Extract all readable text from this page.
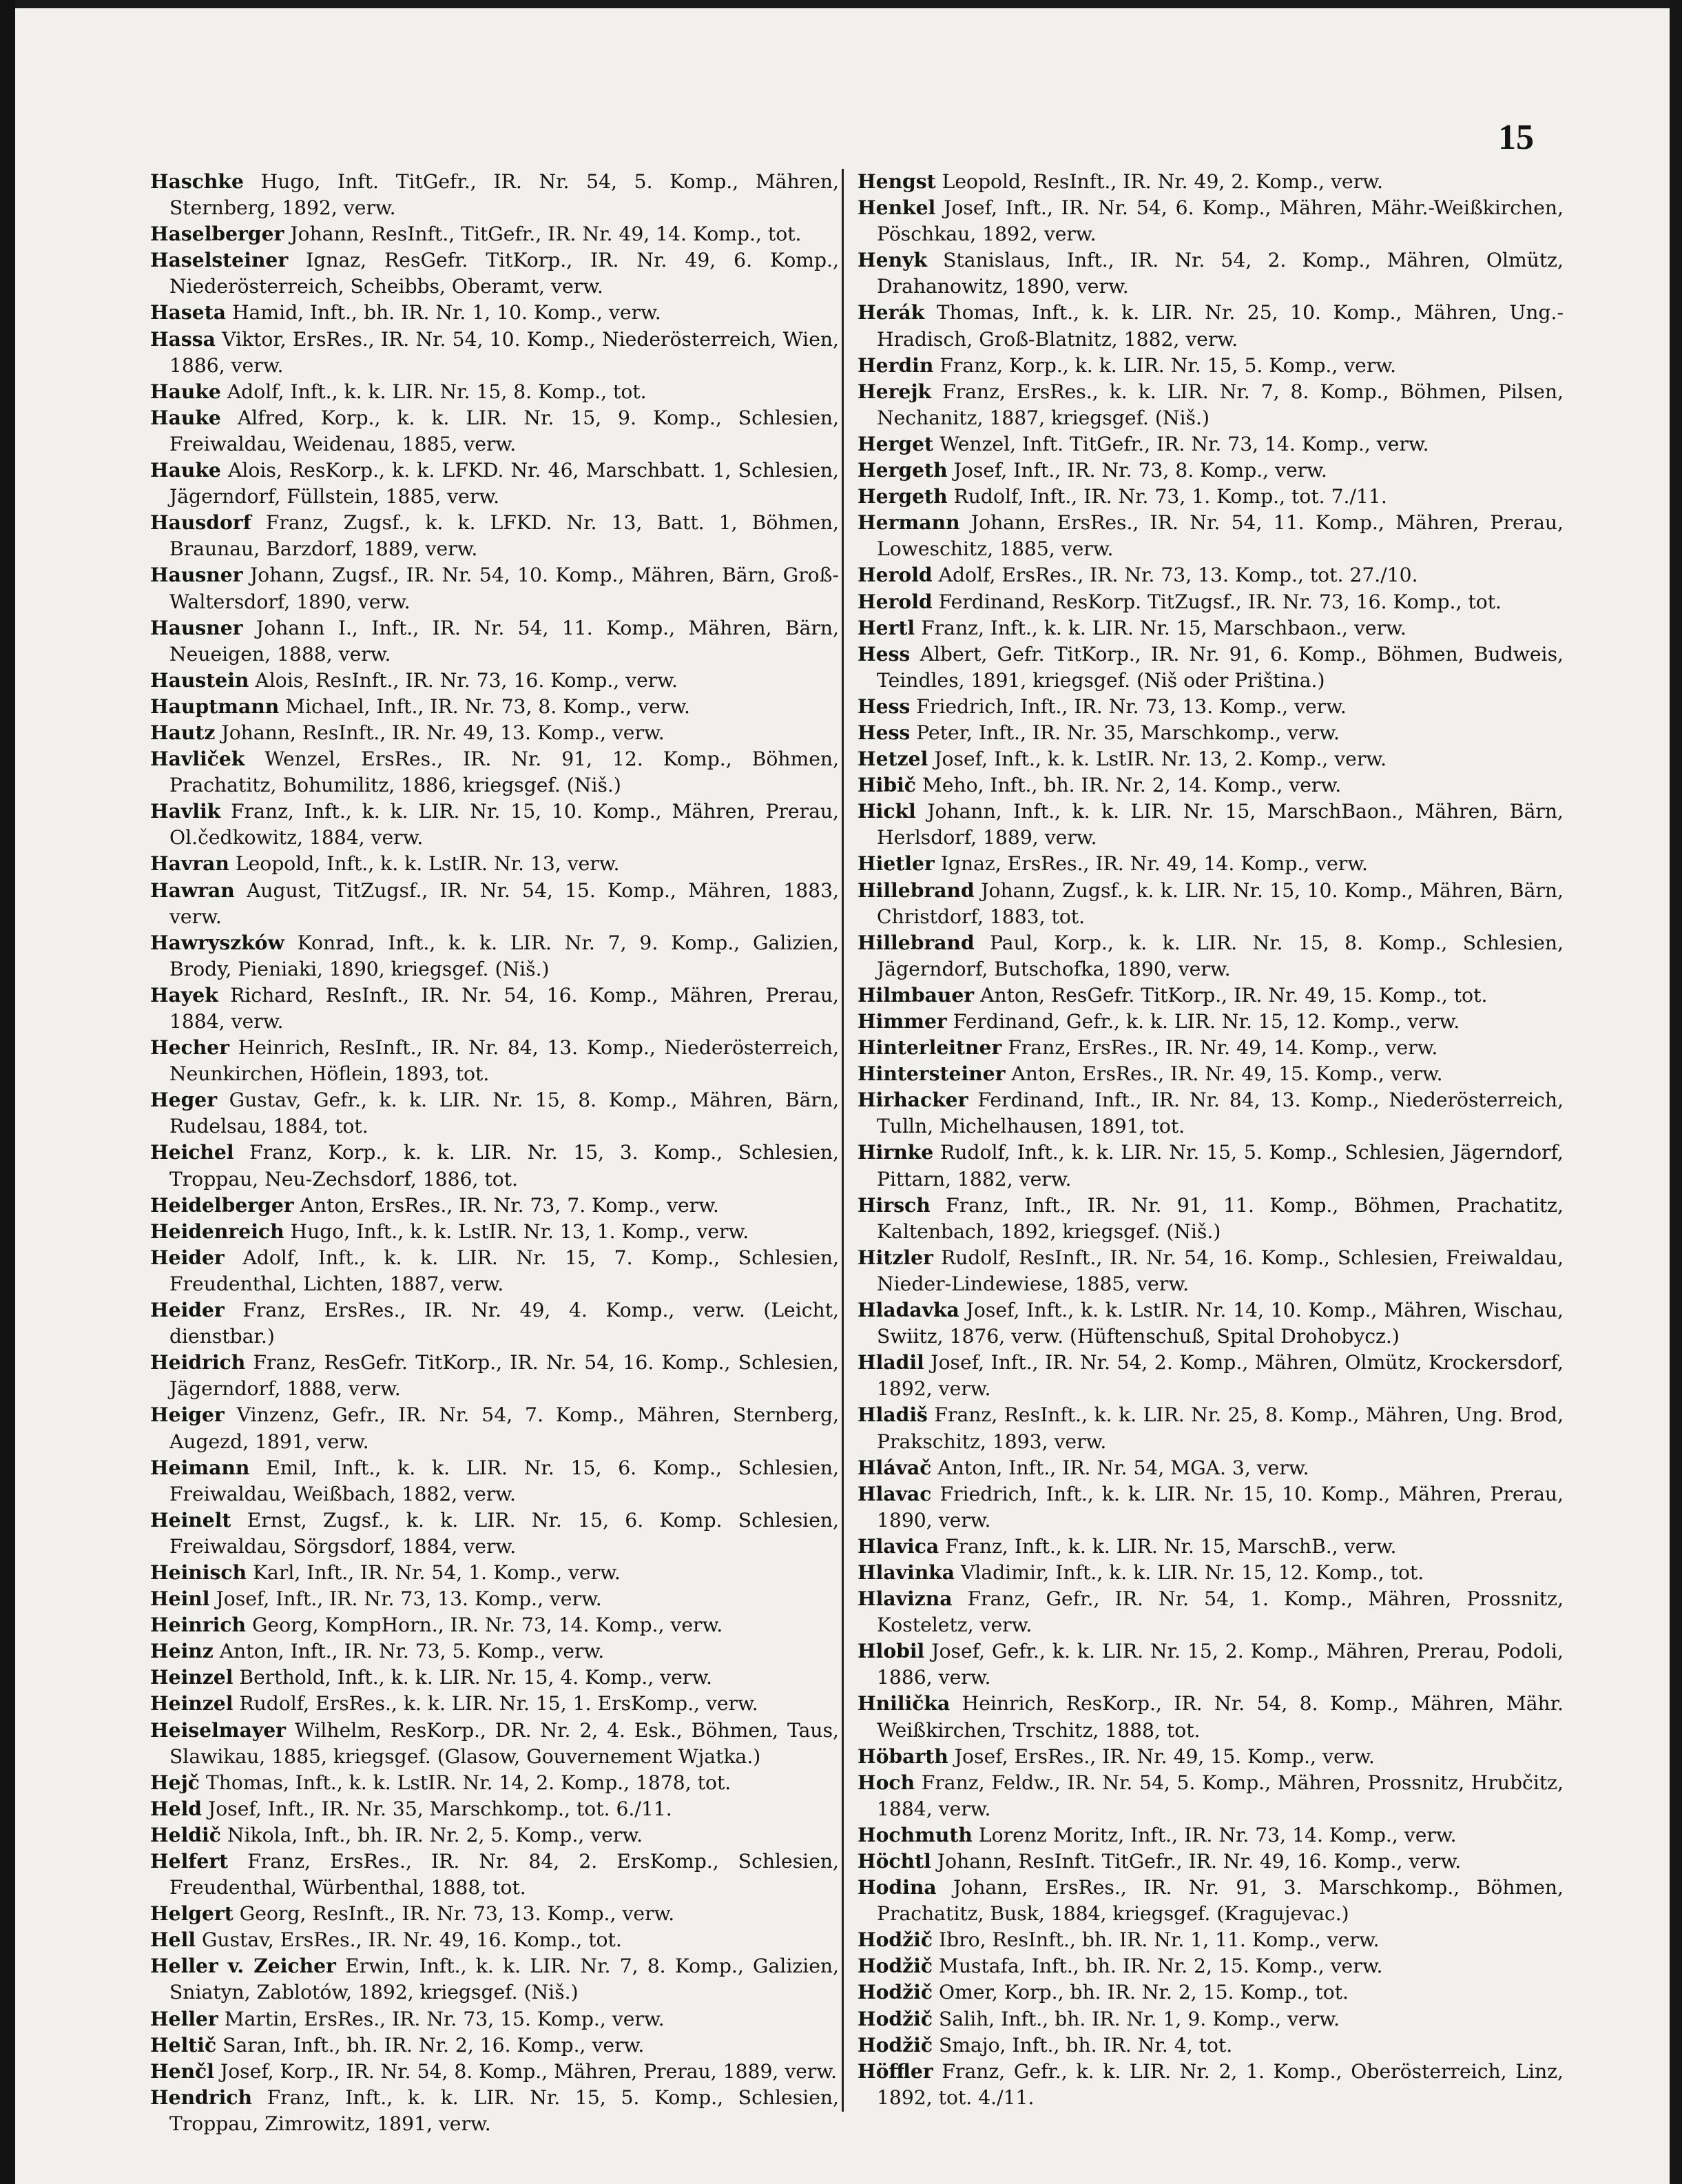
15

Haschke Hugo, Inft. TitGefr., IR. Nr. 54, 5. Komp., Mähren, Sternberg, 1892, verw.

Haselberger Johann, ResInft., TitGefr., IR. Nr. 49, 14. Komp., tot.

Haselsteiner Ignaz, ResGefr. TitKorp., IR. Nr. 49, 6. Komp., Niederösterreich, Scheibbs, Oberamt, verw.

Haseta Hamid, Inft., bh. IR. Nr. 1, 10. Komp., verw.

Hassa Viktor, ErsRes., IR. Nr. 54, 10. Komp., Niederösterreich, Wien, 1886, verw.

Hauke Adolf, Inft., k. k. LIR. Nr. 15, 8. Komp., tot.

Hauke Alfred, Korp., k. k. LIR. Nr. 15, 9. Komp., Schlesien, Freiwaldau, Weidenau, 1885, verw.

Hauke Alois, ResKorp., k. k. LFKD. Nr. 46, Marschbatt. 1, Schlesien, Jägerndorf, Füllstein, 1885, verw.

Hausdorf Franz, Zugsf., k. k. LFKD. Nr. 13, Batt. 1, Böhmen, Braunau, Barzdorf, 1889, verw.

Hausner Johann, Zugsf., IR. Nr. 54, 10. Komp., Mähren, Bärn, Groß-Waltersdorf, 1890, verw.

Hausner Johann I., Inft., IR. Nr. 54, 11. Komp., Mähren, Bärn, Neueigen, 1888, verw.

Haustein Alois, ResInft., IR. Nr. 73, 16. Komp., verw.

Hauptmann Michael, Inft., IR. Nr. 73, 8. Komp., verw.

Hautz Johann, ResInft., IR. Nr. 49, 13. Komp., verw.

Havliček Wenzel, ErsRes., IR. Nr. 91, 12. Komp., Böhmen, Prachatitz, Bohumilitz, 1886, kriegsgef. (Niš.)

Havlik Franz, Inft., k. k. LIR. Nr. 15, 10. Komp., Mähren, Prerau, Ol.čedkowitz, 1884, verw.

Havran Leopold, Inft., k. k. LstIR. Nr. 13, verw.

Hawran August, TitZugsf., IR. Nr. 54, 15. Komp., Mähren, 1883, verw.

Hawryszków Konrad, Inft., k. k. LIR. Nr. 7, 9. Komp., Galizien, Brody, Pieniaki, 1890, kriegsgef. (Niš.)

Hayek Richard, ResInft., IR. Nr. 54, 16. Komp., Mähren, Prerau, 1884, verw.

Hecher Heinrich, ResInft., IR. Nr. 84, 13. Komp., Niederösterreich, Neunkirchen, Höflein, 1893, tot.

Heger Gustav, Gefr., k. k. LIR. Nr. 15, 8. Komp., Mähren, Bärn, Rudelsau, 1884, tot.

Heichel Franz, Korp., k. k. LIR. Nr. 15, 3. Komp., Schlesien, Troppau, Neu-Zechsdorf, 1886, tot.

Heidelberger Anton, ErsRes., IR. Nr. 73, 7. Komp., verw.

Heidenreich Hugo, Inft., k. k. LstIR. Nr. 13, 1. Komp., verw.

Heider Adolf, Inft., k. k. LIR. Nr. 15, 7. Komp., Schlesien, Freudenthal, Lichten, 1887, verw.

Heider Franz, ErsRes., IR. Nr. 49, 4. Komp., verw. (Leicht, dienstbar.)

Heidrich Franz, ResGefr. TitKorp., IR. Nr. 54, 16. Komp., Schlesien, Jägerndorf, 1888, verw.

Heiger Vinzenz, Gefr., IR. Nr. 54, 7. Komp., Mähren, Sternberg, Augezd, 1891, verw.

Heimann Emil, Inft., k. k. LIR. Nr. 15, 6. Komp., Schlesien, Freiwaldau, Weißbach, 1882, verw.

Heinelt Ernst, Zugsf., k. k. LIR. Nr. 15, 6. Komp. Schlesien, Freiwaldau, Sörgsdorf, 1884, verw.

Heinisch Karl, Inft., IR. Nr. 54, 1. Komp., verw.

Heinl Josef, Inft., IR. Nr. 73, 13. Komp., verw.

Heinrich Georg, KompHorn., IR. Nr. 73, 14. Komp., verw.

Heinz Anton, Inft., IR. Nr. 73, 5. Komp., verw.

Heinzel Berthold, Inft., k. k. LIR. Nr. 15, 4. Komp., verw.

Heinzel Rudolf, ErsRes., k. k. LIR. Nr. 15, 1. ErsKomp., verw.

Heiselmayer Wilhelm, ResKorp., DR. Nr. 2, 4. Esk., Böhmen, Taus, Slawikau, 1885, kriegsgef. (Glasow, Gouvernement Wjatka.)

Hejč Thomas, Inft., k. k. LstIR. Nr. 14, 2. Komp., 1878, tot.

Held Josef, Inft., IR. Nr. 35, Marschkomp., tot. 6./11.

Heldič Nikola, Inft., bh. IR. Nr. 2, 5. Komp., verw.

Helfert Franz, ErsRes., IR. Nr. 84, 2. ErsKomp., Schlesien, Freudenthal, Würbenthal, 1888, tot.

Helgert Georg, ResInft., IR. Nr. 73, 13. Komp., verw.

Hell Gustav, ErsRes., IR. Nr. 49, 16. Komp., tot.

Heller v. Zeicher Erwin, Inft., k. k. LIR. Nr. 7, 8. Komp., Galizien, Sniatyn, Zablotów, 1892, kriegsgef. (Niš.)

Heller Martin, ErsRes., IR. Nr. 73, 15. Komp., verw.

Heltič Saran, Inft., bh. IR. Nr. 2, 16. Komp., verw.

Henčl Josef, Korp., IR. Nr. 54, 8. Komp., Mähren, Prerau, 1889, verw.

Hendrich Franz, Inft., k. k. LIR. Nr. 15, 5. Komp., Schlesien, Troppau, Zimrowitz, 1891, verw.

Hengst Leopold, ResInft., IR. Nr. 49, 2. Komp., verw.

Henkel Josef, Inft., IR. Nr. 54, 6. Komp., Mähren, Mähr.-Weißkirchen, Pöschkau, 1892, verw.

Henyk Stanislaus, Inft., IR. Nr. 54, 2. Komp., Mähren, Olmütz, Drahanowitz, 1890, verw.

Herák Thomas, Inft., k. k. LIR. Nr. 25, 10. Komp., Mähren, Ung.-Hradisch, Groß-Blatnitz, 1882, verw.

Herdin Franz, Korp., k. k. LIR. Nr. 15, 5. Komp., verw.

Herejk Franz, ErsRes., k. k. LIR. Nr. 7, 8. Komp., Böhmen, Pilsen, Nechanitz, 1887, kriegsgef. (Niš.)

Herget Wenzel, Inft. TitGefr., IR. Nr. 73, 14. Komp., verw.

Hergeth Josef, Inft., IR. Nr. 73, 8. Komp., verw.

Hergeth Rudolf, Inft., IR. Nr. 73, 1. Komp., tot. 7./11.

Hermann Johann, ErsRes., IR. Nr. 54, 11. Komp., Mähren, Prerau, Loweschitz, 1885, verw.

Herold Adolf, ErsRes., IR. Nr. 73, 13. Komp., tot. 27./10.

Herold Ferdinand, ResKorp. TitZugsf., IR. Nr. 73, 16. Komp., tot.

Hertl Franz, Inft., k. k. LIR. Nr. 15, Marschbaon., verw.

Hess Albert, Gefr. TitKorp., IR. Nr. 91, 6. Komp., Böhmen, Budweis, Teindles, 1891, kriegsgef. (Niš oder Priština.)

Hess Friedrich, Inft., IR. Nr. 73, 13. Komp., verw.

Hess Peter, Inft., IR. Nr. 35, Marschkomp., verw.

Hetzel Josef, Inft., k. k. LstIR. Nr. 13, 2. Komp., verw.

Hibič Meho, Inft., bh. IR. Nr. 2, 14. Komp., verw.

Hickl Johann, Inft., k. k. LIR. Nr. 15, MarschBaon., Mähren, Bärn, Herlsdorf, 1889, verw.

Hietler Ignaz, ErsRes., IR. Nr. 49, 14. Komp., verw.

Hillebrand Johann, Zugsf., k. k. LIR. Nr. 15, 10. Komp., Mähren, Bärn, Christdorf, 1883, tot.

Hillebrand Paul, Korp., k. k. LIR. Nr. 15, 8. Komp., Schlesien, Jägerndorf, Butschofka, 1890, verw.

Hilmbauer Anton, ResGefr. TitKorp., IR. Nr. 49, 15. Komp., tot.

Himmer Ferdinand, Gefr., k. k. LIR. Nr. 15, 12. Komp., verw.

Hinterleitner Franz, ErsRes., IR. Nr. 49, 14. Komp., verw.

Hintersteiner Anton, ErsRes., IR. Nr. 49, 15. Komp., verw.

Hirhacker Ferdinand, Inft., IR. Nr. 84, 13. Komp., Niederösterreich, Tulln, Michelhausen, 1891, tot.

Hirnke Rudolf, Inft., k. k. LIR. Nr. 15, 5. Komp., Schlesien, Jägerndorf, Pittarn, 1882, verw.

Hirsch Franz, Inft., IR. Nr. 91, 11. Komp., Böhmen, Prachatitz, Kaltenbach, 1892, kriegsgef. (Niš.)

Hitzler Rudolf, ResInft., IR. Nr. 54, 16. Komp., Schlesien, Freiwaldau, Nieder-Lindewiese, 1885, verw.

Hladavka Josef, Inft., k. k. LstIR. Nr. 14, 10. Komp., Mähren, Wischau, Swiitz, 1876, verw. (Hüftenschuß, Spital Drohobycz.)

Hladil Josef, Inft., IR. Nr. 54, 2. Komp., Mähren, Olmütz, Krockersdorf, 1892, verw.

Hladiš Franz, ResInft., k. k. LIR. Nr. 25, 8. Komp., Mähren, Ung. Brod, Prakschitz, 1893, verw.

Hlávač Anton, Inft., IR. Nr. 54, MGA. 3, verw.

Hlavac Friedrich, Inft., k. k. LIR. Nr. 15, 10. Komp., Mähren, Prerau, 1890, verw.

Hlavica Franz, Inft., k. k. LIR. Nr. 15, MarschB., verw.

Hlavinka Vladimir, Inft., k. k. LIR. Nr. 15, 12. Komp., tot.

Hlavizna Franz, Gefr., IR. Nr. 54, 1. Komp., Mähren, Prossnitz, Kosteletz, verw.

Hlobil Josef, Gefr., k. k. LIR. Nr. 15, 2. Komp., Mähren, Prerau, Podoli, 1886, verw.

Hnilička Heinrich, ResKorp., IR. Nr. 54, 8. Komp., Mähren, Mähr. Weißkirchen, Trschitz, 1888, tot.

Höbarth Josef, ErsRes., IR. Nr. 49, 15. Komp., verw.

Hoch Franz, Feldw., IR. Nr. 54, 5. Komp., Mähren, Prossnitz, Hrubčitz, 1884, verw.

Hochmuth Lorenz Moritz, Inft., IR. Nr. 73, 14. Komp., verw.

Höchtl Johann, ResInft. TitGefr., IR. Nr. 49, 16. Komp., verw.

Hodina Johann, ErsRes., IR. Nr. 91, 3. Marschkomp., Böhmen, Prachatitz, Busk, 1884, kriegsgef. (Kragujevac.)

Hodžič Ibro, ResInft., bh. IR. Nr. 1, 11. Komp., verw.

Hodžič Mustafa, Inft., bh. IR. Nr. 2, 15. Komp., verw.

Hodžič Omer, Korp., bh. IR. Nr. 2, 15. Komp., tot.

Hodžič Salih, Inft., bh. IR. Nr. 1, 9. Komp., verw.

Hodžič Smajo, Inft., bh. IR. Nr. 4, tot.

Höffler Franz, Gefr., k. k. LIR. Nr. 2, 1. Komp., Oberösterreich, Linz, 1892, tot. 4./11.
